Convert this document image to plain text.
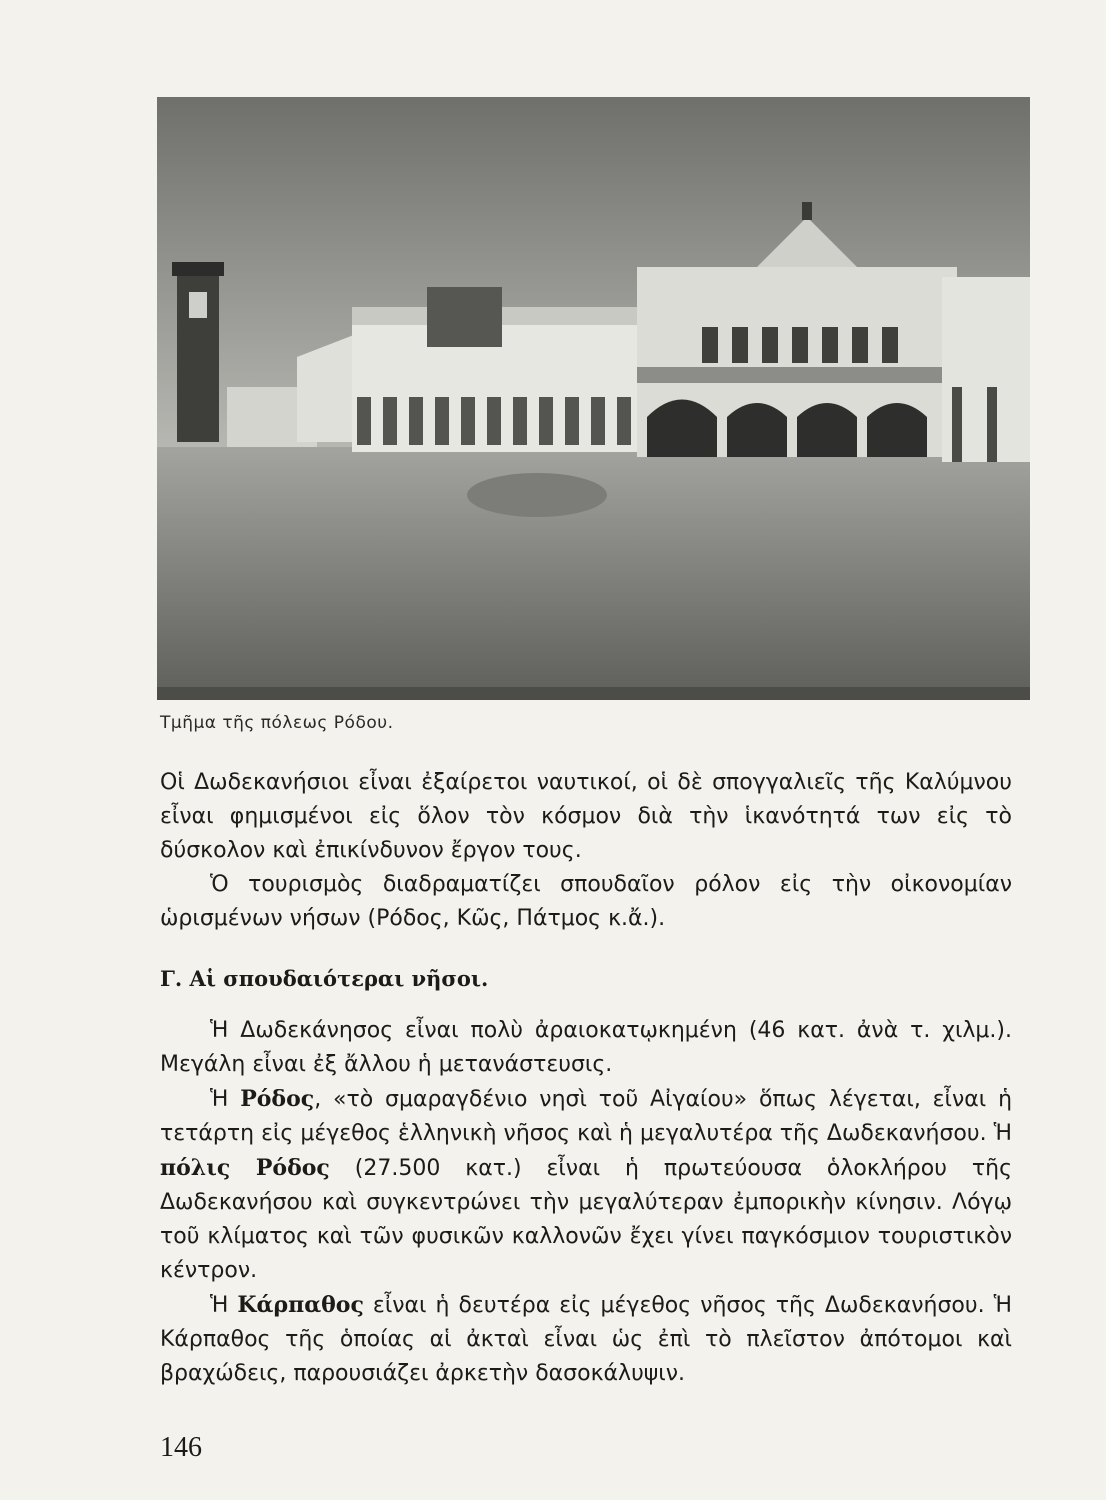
Τμῆμα τῆς πόλεως Ρόδου.

Οἱ Δωδεκανήσιοι εἶναι ἐξαίρετοι ναυτικοί, οἱ δὲ σπογγαλιεῖς τῆς Καλύμνου εἶναι φημισμένοι εἰς ὅλον τὸν κόσμον διὰ τὴν ἱκανότητά των εἰς τὸ δύσκολον καὶ ἐπικίνδυνον ἔργον τους.

Ὁ τουρισμὸς διαδραματίζει σπουδαῖον ρόλον εἰς τὴν οἰκονομίαν ὡρισμένων νήσων (Ρόδος, Κῶς, Πάτμος κ.ἄ.).

Γ. Αἱ σπουδαιότεραι νῆσοι.

Ἡ Δωδεκάνησος εἶναι πολὺ ἀραιοκατῳκημένη (46 κατ. ἀνὰ τ. χιλμ.). Μεγάλη εἶναι ἐξ ἄλλου ἡ μετανάστευσις.

Ἡ Ρόδος, «τὸ σμαραγδένιο νησὶ τοῦ Αἰγαίου» ὅπως λέγεται, εἶναι ἡ τετάρτη εἰς μέγεθος ἑλληνικὴ νῆσος καὶ ἡ μεγαλυτέρα τῆς Δωδεκανήσου. Ἡ πόλις Ρόδος (27.500 κατ.) εἶναι ἡ πρωτεύουσα ὁλοκλήρου τῆς Δωδεκανήσου καὶ συγκεντρώνει τὴν μεγαλύτεραν ἐμπορικὴν κίνησιν. Λόγῳ τοῦ κλίματος καὶ τῶν φυσικῶν καλλονῶν ἔχει γίνει παγκόσμιον τουριστικὸν κέντρον.

Ἡ Κάρπαθος εἶναι ἡ δευτέρα εἰς μέγεθος νῆσος τῆς Δωδεκανήσου. Ἡ Κάρπαθος τῆς ὁποίας αἱ ἀκταὶ εἶναι ὡς ἐπὶ τὸ πλεῖστον ἀπότομοι καὶ βραχώδεις, παρουσιάζει ἀρκετὴν δασοκάλυψιν.

146
